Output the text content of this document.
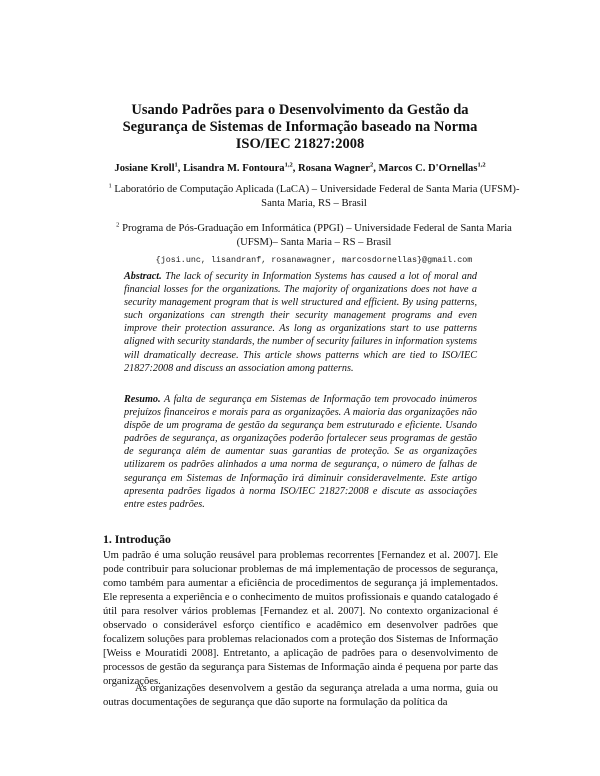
Usando Padrões para o Desenvolvimento da Gestão da Segurança de Sistemas de Informação baseado na Norma ISO/IEC 21827:2008
Josiane Kroll$^1$, Lisandra M. Fontoura$^{1,2}$, Rosana Wagner$^2$, Marcos C. D'Ornellas$^{1,2}$
$^1$ Laboratório de Computação Aplicada (LaCA) – Universidade Federal de Santa Maria (UFSM)- Santa Maria, RS – Brasil
$^2$ Programa de Pós-Graduação em Informática (PPGI) – Universidade Federal de Santa Maria (UFSM)– Santa Maria – RS – Brasil
{josi.unc, lisandranf, rosanawagner, marcosdornellas}@gmail.com

Abstract. The lack of security in Information Systems has caused a lot of moral and financial losses for the organizations. The majority of organizations does not have a security management program that is well structured and efficient. By using patterns, such organizations can strength their security management programs and even improve their protection assurance. As long as organizations start to use patterns aligned with security standards, the number of security failures in information systems will dramatically decrease. This article shows patterns which are tied to ISO/IEC 21827:2008 and discuss an association among patterns.

Resumo. A falta de segurança em Sistemas de Informação tem provocado inúmeros prejuízos financeiros e morais para as organizações. A maioria das organizações não dispõe de um programa de gestão da segurança bem estruturado e eficiente. Usando padrões de segurança, as organizações poderão fortalecer seus programas de gestão de segurança além de aumentar suas garantias de proteção. Se as organizações utilizarem os padrões alinhados a uma norma de segurança, o número de falhas de segurança em Sistemas de Informação irá diminuir consideravelmente. Este artigo apresenta padrões ligados à norma ISO/IEC 21827:2008 e discute as associações entre estes padrões.

1. Introdução

Um padrão é uma solução reusável para problemas recorrentes [Fernandez et al. 2007]. Ele pode contribuir para solucionar problemas de má implementação de processos de segurança, como também para aumentar a eficiência de procedimentos de segurança já implementados. Ele representa a experiência e o conhecimento de muitos profissionais e quando catalogado é útil para resolver vários problemas [Fernandez et al. 2007]. No contexto organizacional é observado o considerável esforço científico e acadêmico em desenvolver padrões que focalizem soluções para problemas relacionados com a proteção dos Sistemas de Informação [Weiss e Mouratidi 2008]. Entretanto, a aplicação de padrões para o desenvolvimento de processos de gestão da segurança para Sistemas de Informação ainda é pequena por parte das organizações.

As organizações desenvolvem a gestão da segurança atrelada a uma norma, guia ou outras documentações de segurança que dão suporte na formulação da política da
